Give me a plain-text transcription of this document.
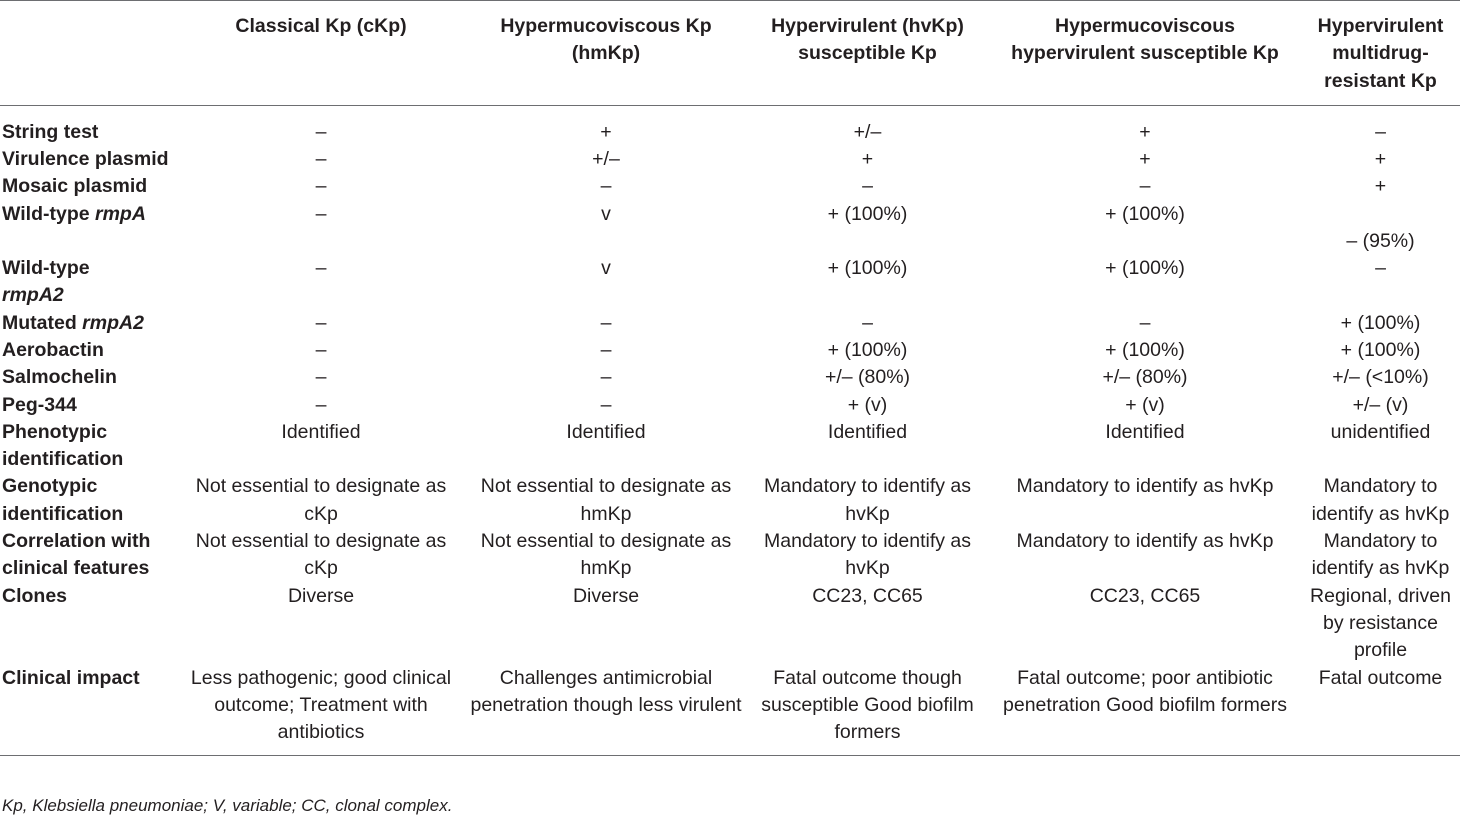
	Classical Kp (cKp)	Hypermucoviscous Kp (hmKp)	Hypervirulent (hvKp) susceptible Kp	Hypermucoviscous hypervirulent susceptible Kp	Hypervirulent multidrug-resistant Kp
String test	–	+	+/–	+	–
Virulence plasmid	–	+/–	+	+	+
Mosaic plasmid	–	–	–	–	+
Wild-type rmpA	–	v	+ (100%)	+ (100%)	– (95%)

Wild-type
rmpA2	–	v	+ (100%)	+ (100%)	–
Mutated rmpA2	–	–	–	–	+ (100%)
Aerobactin	–	–	+ (100%)	+ (100%)	+ (100%)
Salmochelin	–	–	+/– (80%)	+/– (80%)	+/– (<10%)
Peg-344	–	–	+ (v)	+ (v)	+/– (v)
Phenotypic identification	Identified	Identified	Identified	Identified	unidentified
Genotypic identification	Not essential to designate as cKp	Not essential to designate as hmKp	Mandatory to identify as hvKp	Mandatory to identify as hvKp	Mandatory to identify as hvKp
Correlation with clinical features	Not essential to designate as cKp	Not essential to designate as hmKp	Mandatory to identify as hvKp	Mandatory to identify as hvKp	Mandatory to identify as hvKp
Clones	Diverse	Diverse	CC23, CC65	CC23, CC65	Regional, driven by resistance profile
Clinical impact	Less pathogenic; good clinical outcome; Treatment with antibiotics	Challenges antimicrobial penetration though less virulent	Fatal outcome though susceptible Good biofilm formers	Fatal outcome; poor antibiotic penetration Good biofilm formers	Fatal outcome
Kp, Klebsiella pneumoniae; V, variable; CC, clonal complex.
